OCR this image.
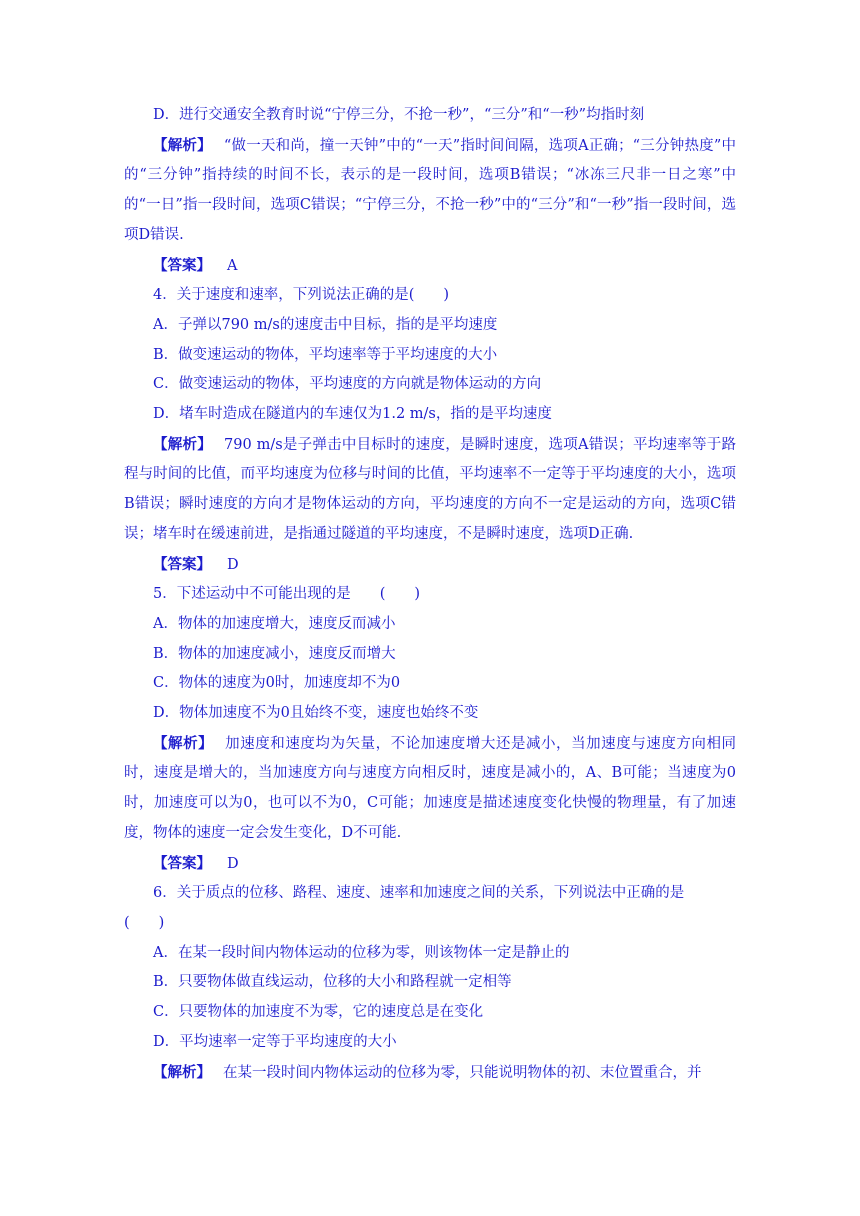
D．进行交通安全教育时说“宁停三分，不抢一秒”，“三分”和“一秒”均指时刻

【解析】 “做一天和尚，撞一天钟”中的“一天”指时间间隔，选项A正确；“三分钟热度”中的“三分钟”指持续的时间不长，表示的是一段时间，选项B错误；“冰冻三尺非一日之寒”中的“一日”指一段时间，选项C错误；“宁停三分，不抢一秒”中的“三分”和“一秒”指一段时间，选项D错误.

【答案】 A

4．关于速度和速率，下列说法正确的是(　　)

A．子弹以790 m/s的速度击中目标，指的是平均速度

B．做变速运动的物体，平均速率等于平均速度的大小

C．做变速运动的物体，平均速度的方向就是物体运动的方向

D．堵车时造成在隧道内的车速仅为1.2 m/s，指的是平均速度

【解析】 790 m/s是子弹击中目标时的速度，是瞬时速度，选项A错误；平均速率等于路程与时间的比值，而平均速度为位移与时间的比值，平均速率不一定等于平均速度的大小，选项B错误；瞬时速度的方向才是物体运动的方向，平均速度的方向不一定是运动的方向，选项C错误；堵车时在缓速前进，是指通过隧道的平均速度，不是瞬时速度，选项D正确.

【答案】 D

5．下述运动中不可能出现的是　　(　　)

A．物体的加速度增大，速度反而减小

B．物体的加速度减小，速度反而增大

C．物体的速度为0时，加速度却不为0

D．物体加速度不为0且始终不变，速度也始终不变

【解析】 加速度和速度均为矢量，不论加速度增大还是减小，当加速度与速度方向相同时，速度是增大的，当加速度方向与速度方向相反时，速度是减小的，A、B可能；当速度为0时，加速度可以为0，也可以不为0，C可能；加速度是描述速度变化快慢的物理量，有了加速度，物体的速度一定会发生变化，D不可能.

【答案】 D

6．关于质点的位移、路程、速度、速率和加速度之间的关系，下列说法中正确的是

(　　)

A．在某一段时间内物体运动的位移为零，则该物体一定是静止的

B．只要物体做直线运动，位移的大小和路程就一定相等

C．只要物体的加速度不为零，它的速度总是在变化

D．平均速率一定等于平均速度的大小

【解析】 在某一段时间内物体运动的位移为零，只能说明物体的初、末位置重合，并
